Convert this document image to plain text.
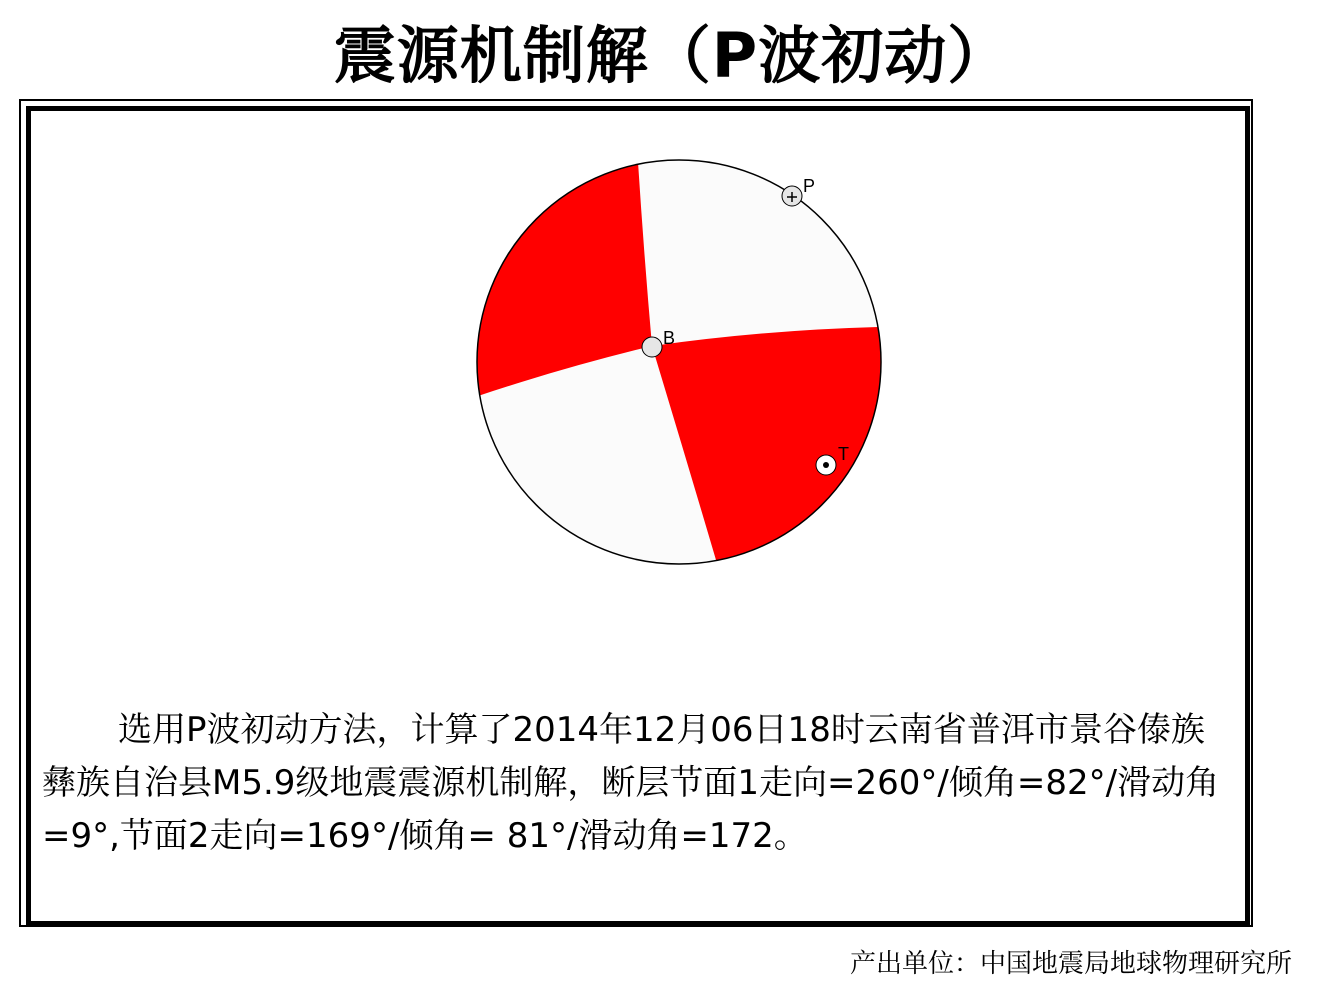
震源机制解（P波初动）
P
T
B
选用P波初动方法，计算了2014年12月06日18时云南省普洱市景谷傣族彝族自治县M5.9级地震震源机制解，断层节面1走向=260°/倾角=82°/滑动角=9°,节面2走向=169°/倾角= 81°/滑动角=172。
产出单位：中国地震局地球物理研究所
